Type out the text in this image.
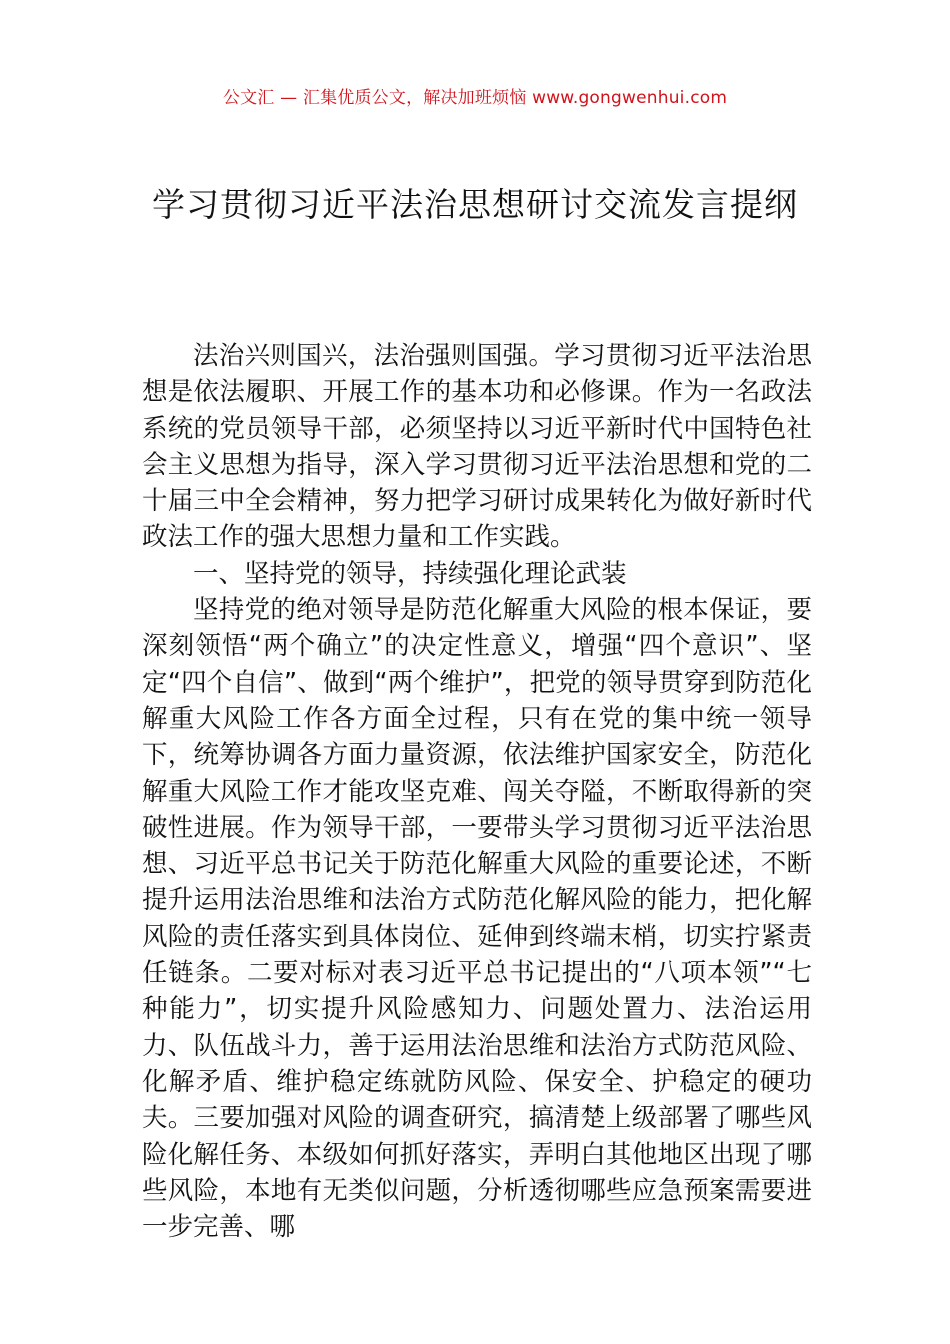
公文汇 — 汇集优质公文，解决加班烦恼 www.gongwenhui.com
学习贯彻习近平法治思想研讨交流发言提纲

法治兴则国兴，法治强则国强。学习贯彻习近平法治思想是依法履职、开展工作的基本功和必修课。作为一名政法系统的党员领导干部，必须坚持以习近平新时代中国特色社会主义思想为指导，深入学习贯彻习近平法治思想和党的二十届三中全会精神，努力把学习研讨成果转化为做好新时代政法工作的强大思想力量和工作实践。

一、坚持党的领导，持续强化理论武装

坚持党的绝对领导是防范化解重大风险的根本保证，要深刻领悟“两个确立”的决定性意义，增强“四个意识”、坚定“四个自信”、做到“两个维护”，把党的领导贯穿到防范化解重大风险工作各方面全过程，只有在党的集中统一领导下，统筹协调各方面力量资源，依法维护国家安全，防范化解重大风险工作才能攻坚克难、闯关夺隘，不断取得新的突破性进展。作为领导干部，一要带头学习贯彻习近平法治思想、习近平总书记关于防范化解重大风险的重要论述，不断提升运用法治思维和法治方式防范化解风险的能力，把化解风险的责任落实到具体岗位、延伸到终端末梢，切实拧紧责任链条。二要对标对表习近平总书记提出的“八项本领”“七种能力”，切实提升风险感知力、问题处置力、法治运用力、队伍战斗力，善于运用法治思维和法治方式防范风险、化解矛盾、维护稳定练就防风险、保安全、护稳定的硬功夫。三要加强对风险的调查研究，搞清楚上级部署了哪些风险化解任务、本级如何抓好落实，弄明白其他地区出现了哪些风险，本地有无类似问题，分析透彻哪些应急预案需要进一步完善、哪
